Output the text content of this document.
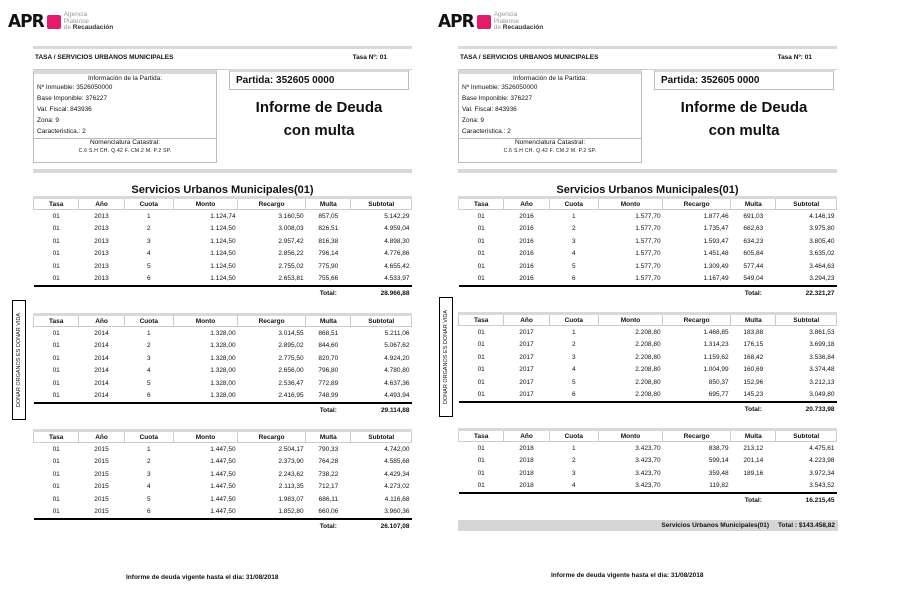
APR	Agencia
Platense
de Recaudación
TASA / SERVICIOS URBANOS MUNICIPALES	Tasa Nº: 01
Información de la Partida:
Nº Inmueble: 3526050000
Base Imponible: 376227
Val. Fiscal: 843936
Zona: 9
Caracteristica.: 2
Nomenclatura Catastral:
C.6 S.H CH. Q.42 F. CM.2 M. P.2 SP.
Partida: 352605 0000
Informe de Deuda
con multa
Servicios Urbanos Municipales(01)
Tasa	Año	Cuota	Monto	Recargo	Multa	Subtotal
01	2013	1	1.124,74	3.160,50	857,05	5.142,29
01	2013	2	1.124,50	3.008,03	826,51	4.959,04
01	2013	3	1.124,50	2.957,42	816,38	4.898,30
01	2013	4	1.124,50	2.856,22	796,14	4.776,86
01	2013	5	1.124,50	2.755,02	775,90	4.655,42
01	2013	6	1.124,50	2.653,81	755,66	4.533,97
					Total:	28.966,88
Tasa	Año	Cuota	Monto	Recargo	Multa	Subtotal
01	2014	1	1.328,00	3.014,55	868,51	5.211,06
01	2014	2	1.328,00	2.895,02	844,60	5.067,62
01	2014	3	1.328,00	2.775,50	820,70	4.924,20
01	2014	4	1.328,00	2.656,00	796,80	4.780,80
01	2014	5	1.328,00	2.536,47	772,89	4.637,36
01	2014	6	1.328,00	2.416,95	748,99	4.493,94
					Total:	29.114,88
Tasa	Año	Cuota	Monto	Recargo	Multa	Subtotal
01	2015	1	1.447,50	2.504,17	790,33	4.742,00
01	2015	2	1.447,50	2.373,90	764,28	4.585,68
01	2015	3	1.447,50	2.243,62	738,22	4.429,34
01	2015	4	1.447,50	2.113,35	712,17	4.273,02
01	2015	5	1.447,50	1.983,07	686,11	4.116,68
01	2015	6	1.447,50	1.852,80	660,06	3.960,36
					Total:	26.107,08
DONAR ORGANOS ES DONAR VIDA
Informe de deuda vigente hasta el dia: 31/08/2018
APR	Agencia
Platense
de Recaudación
TASA / SERVICIOS URBANOS MUNICIPALES	Tasa Nº: 01
Información de la Partida:
Nº Inmueble: 3526050000
Base Imponible: 376227
Val. Fiscal: 843936
Zona: 9
Caracteristica.: 2
Nomenclatura Catastral:
C.6 S.H CH. Q.42 F. CM.2 M. P.2 SP.
Partida: 352605 0000
Informe de Deuda
con multa
Servicios Urbanos Municipales(01)
Tasa	Año	Cuota	Monto	Recargo	Multa	Subtotal
01	2016	1	1.577,70	1.877,46	691,03	4.146,19
01	2016	2	1.577,70	1.735,47	662,63	3.975,80
01	2016	3	1.577,70	1.593,47	634,23	3.805,40
01	2016	4	1.577,70	1.451,48	605,84	3.635,02
01	2016	5	1.577,70	1.309,49	577,44	3.464,63
01	2016	6	1.577,70	1.167,49	549,04	3.294,23
					Total:	22.321,27
Tasa	Año	Cuota	Monto	Recargo	Multa	Subtotal
01	2017	1	2.208,80	1.468,85	183,88	3.861,53
01	2017	2	2.208,80	1.314,23	176,15	3.699,18
01	2017	3	2.208,80	1.159,62	168,42	3.536,84
01	2017	4	2.208,80	1.004,99	160,69	3.374,48
01	2017	5	2.208,80	850,37	152,96	3.212,13
01	2017	6	2.208,80	695,77	145,23	3.049,80
					Total:	20.733,98
Tasa	Año	Cuota	Monto	Recargo	Multa	Subtotal
01	2018	1	3.423,70	838,79	213,12	4.475,61
01	2018	2	3.423,70	599,14	201,14	4.223,98
01	2018	3	3.423,70	359,48	189,16	3.972,34
01	2018	4	3.423,70	119,82		3.543,52
					Total:	16.215,45
DONAR ORGANOS ES DONAR VIDA
Informe de deuda vigente hasta el dia: 31/08/2018
Servicios Urbanos Municipales(01) Total : $143.458,82
